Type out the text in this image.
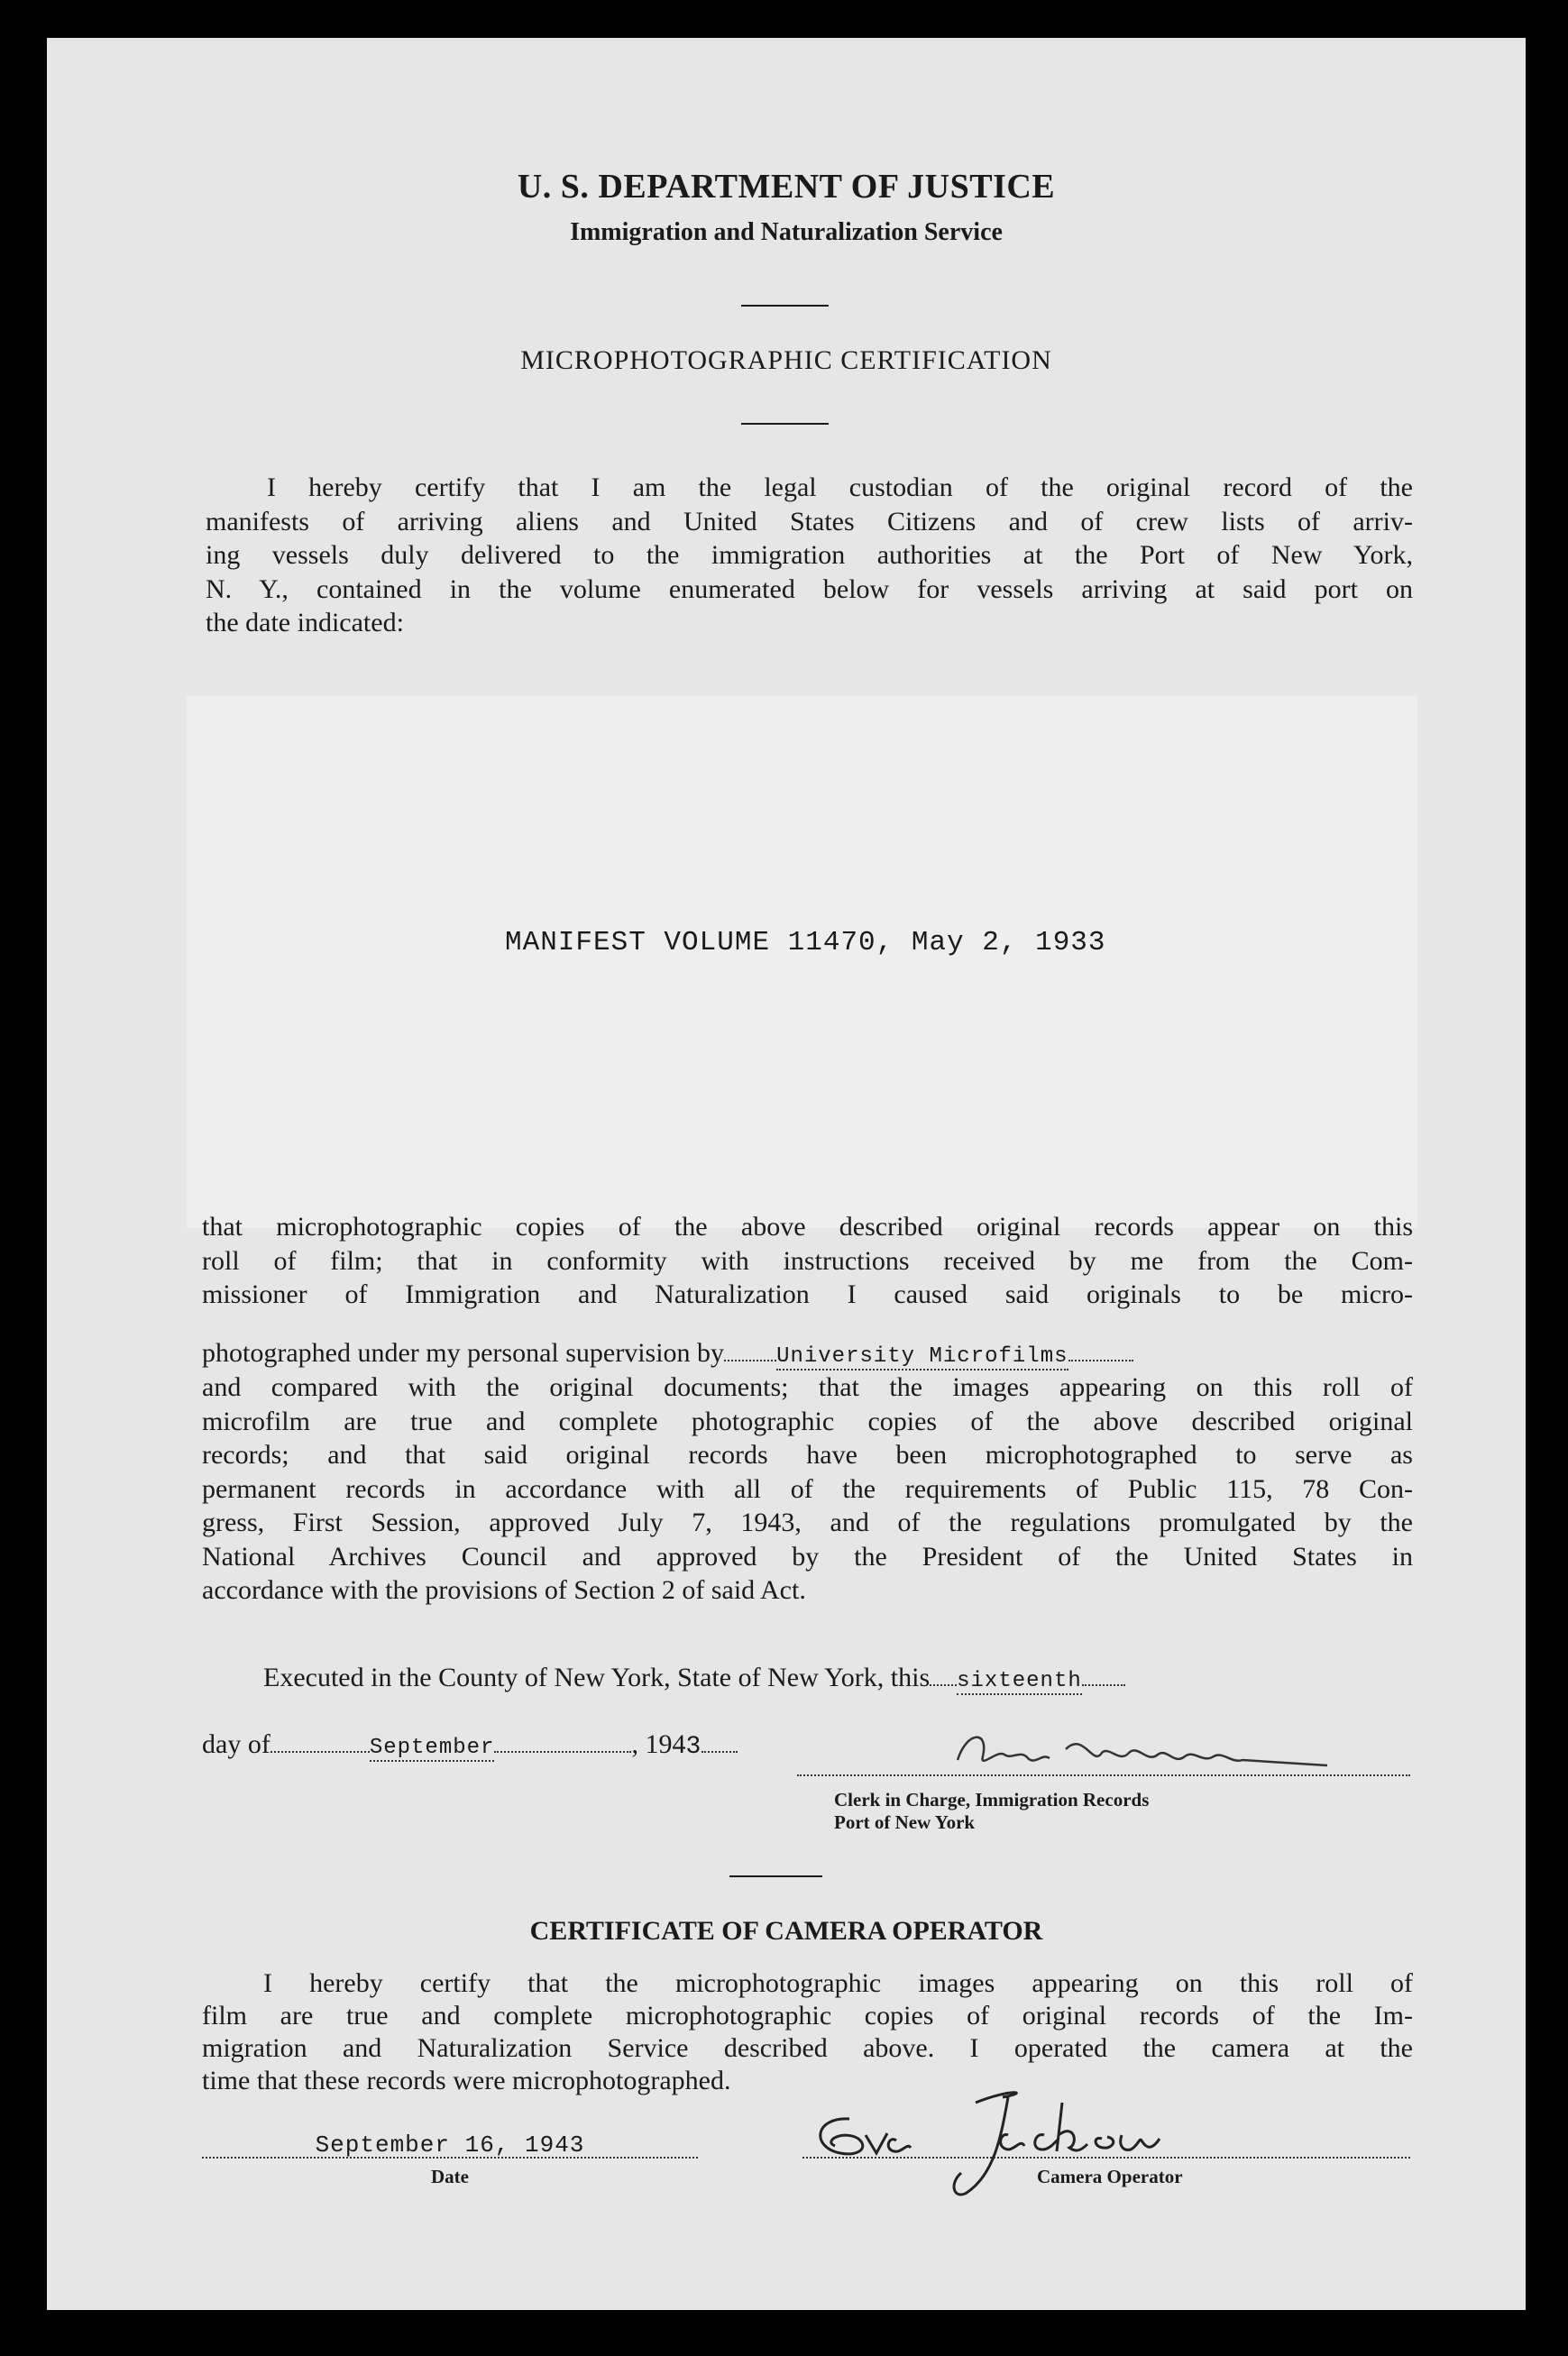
U. S. DEPARTMENT OF JUSTICE
Immigration and Naturalization Service
MICROPHOTOGRAPHIC CERTIFICATION
I hereby certify that I am the legal custodian of the original record of the
manifests of arriving aliens and United States Citizens and of crew lists of arriv-
ing vessels duly delivered to the immigration authorities at the Port of New York,
N. Y., contained in the volume enumerated below for vessels arriving at said port on
the date indicated:
MANIFEST VOLUME 11470, May 2, 1933
that microphotographic copies of the above described original records appear on this
roll of film; that in conformity with instructions received by me from the Com-
missioner of Immigration and Naturalization I caused said originals to be micro-
photographed under my personal supervision by University Microfilms
and compared with the original documents; that the images appearing on this roll of
microfilm are true and complete photographic copies of the above described original
records; and that said original records have been microphotographed to serve as
permanent records in accordance with all of the requirements of Public 115, 78 Con-
gress, First Session, approved July 7, 1943, and of the regulations promulgated by the
National Archives Council and approved by the President of the United States in
accordance with the provisions of Section 2 of said Act.
Executed in the County of New York, State of New York, this sixteenth
day of	September	, 1943
Clerk in Charge, Immigration Records
Port of New York
CERTIFICATE OF CAMERA OPERATOR
I hereby certify that the microphotographic images appearing on this roll of
film are true and complete microphotographic copies of original records of the Im-
migration and Naturalization Service described above. I operated the camera at the
time that these records were microphotographed.
September 16, 1943
Date	Camera Operator
